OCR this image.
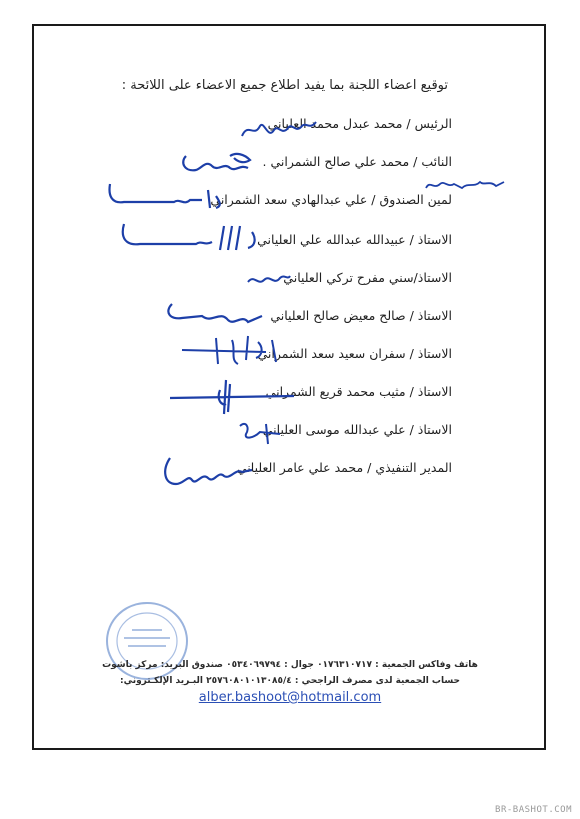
توقيع اعضاء اللجنة بما يفيد اطلاع جميع الاعضاء على اللائحة :
الرئيس / محمد عبدل محمد العلياني
النائب / محمد علي صالح الشمراني .
لمين الصندوق / علي عبدالهادي سعد الشمراني
الاستاذ / عبيدالله عبدالله علي العلياني
الاستاذ/سني مفرح تركي العلياني
الاستاذ / صالح معيض صالح العلياني
الاستاذ / سفران سعيد سعد الشمراني
الاستاذ / مثيب محمد قريع الشمراني
الاستاذ / علي عبدالله موسى العلياني
المدير التنفيذي / محمد علي عامر العلياني
هاتف وفاكس الجمعية : ٠١٧٦٣١٠٧١٧ جوال : ٠٥٣٤٠٦٩٧٩٤ صندوق البريد: مركز باشوت
حساب الجمعية لدى مصرف الراجحي : ٢٥٧٦٠٨٠١٠١٣٠٨٥/٤ البـريد الإلكـتروني:
alber.bashoot@hotmail.com
BR-BASHOT.COM
